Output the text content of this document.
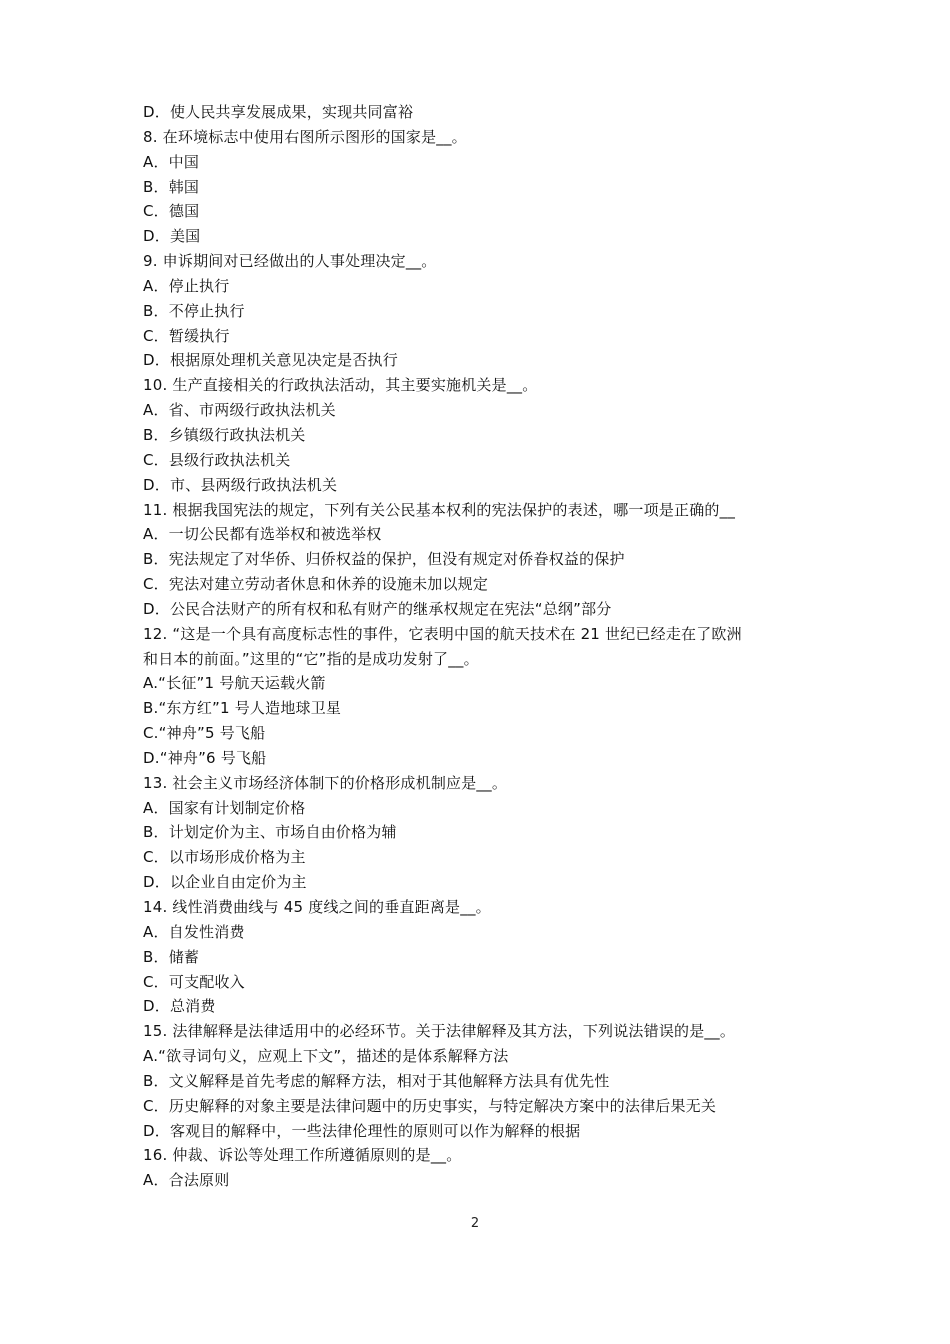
D．使人民共享发展成果，实现共同富裕
8. 在环境标志中使用右图所示图形的国家是__。
A．中国
B．韩国
C．德国
D．美国
9. 申诉期间对已经做出的人事处理决定__。
A．停止执行
B．不停止执行
C．暂缓执行
D．根据原处理机关意见决定是否执行
10. 生产直接相关的行政执法活动，其主要实施机关是__。
A．省、市两级行政执法机关
B．乡镇级行政执法机关
C．县级行政执法机关
D．市、县两级行政执法机关
11. 根据我国宪法的规定，下列有关公民基本权利的宪法保护的表述，哪一项是正确的__
A．一切公民都有选举权和被选举权
B．宪法规定了对华侨、归侨权益的保护，但没有规定对侨眷权益的保护
C．宪法对建立劳动者休息和休养的设施未加以规定
D．公民合法财产的所有权和私有财产的继承权规定在宪法“总纲”部分
12. “这是一个具有高度标志性的事件，它表明中国的航天技术在 21 世纪已经走在了欧洲
和日本的前面。”这里的“它”指的是成功发射了__。
A.“长征”1 号航天运载火箭
B.“东方红”1 号人造地球卫星
C.“神舟”5 号飞船
D.“神舟”6 号飞船
13. 社会主义市场经济体制下的价格形成机制应是__。
A．国家有计划制定价格
B．计划定价为主、市场自由价格为辅
C．以市场形成价格为主
D．以企业自由定价为主
14. 线性消费曲线与 45 度线之间的垂直距离是__。
A．自发性消费
B．储蓄
C．可支配收入
D．总消费
15. 法律解释是法律适用中的必经环节。关于法律解释及其方法，下列说法错误的是__。
A.“欲寻词句义，应观上下文”，描述的是体系解释方法
B．文义解释是首先考虑的解释方法，相对于其他解释方法具有优先性
C．历史解释的对象主要是法律问题中的历史事实，与特定解决方案中的法律后果无关
D．客观目的解释中，一些法律伦理性的原则可以作为解释的根据
16. 仲裁、诉讼等处理工作所遵循原则的是__。
A．合法原则
2
